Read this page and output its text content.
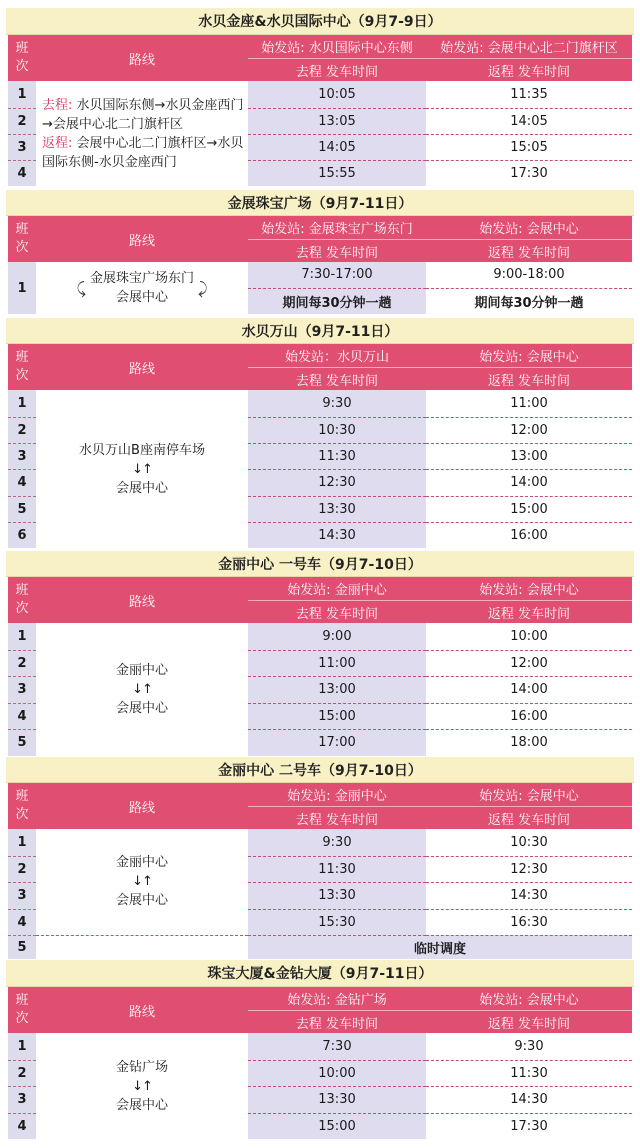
水贝金座&水贝国际中心（9月7-9日）
班
次	路线	始发站: 水贝国际中心东侧	始发站: 会展中心北二门旗杆区
		去程 发车时间	返程 发车时间
1	去程: 水贝国际东侧→水贝金座西门→会展中心北二门旗杆区
返程: 会展中心北二门旗杆区→水贝国际东侧-水贝金座西门	10:05	11:35
2		13:05	14:05
3		14:05	15:05
4		15:55	17:30
金展珠宝广场（9月7-11日）
班
次	路线	始发站: 金展珠宝广场东门	始发站: 会展中心
		去程 发车时间	返程 发车时间
1	⤹ 金展珠宝广场东门
会展中心 ⤸	7:30-17:00	9:00-18:00
		期间每30分钟一趟	期间每30分钟一趟
水贝万山（9月7-11日）
班
次	路线	始发站：水贝万山	始发站: 会展中心
		去程 发车时间	返程 发车时间
1	水贝万山B座南停车场
↓↑
会展中心	9:30	11:00
2		10:30	12:00
3		11:30	13:00
4		12:30	14:00
5		13:30	15:00
6		14:30	16:00
金丽中心 一号车（9月7-10日）
班
次	路线	始发站: 金丽中心	始发站: 会展中心
		去程 发车时间	返程 发车时间
1	金丽中心
↓↑
会展中心	9:00	10:00
2		11:00	12:00
3		13:00	14:00
4		15:00	16:00
5		17:00	18:00
金丽中心 二号车（9月7-10日）
班
次	路线	始发站: 金丽中心	始发站: 会展中心
		去程 发车时间	返程 发车时间
1	金丽中心
↓↑
会展中心	9:30	10:30
2		11:30	12:30
3		13:30	14:30
4		15:30	16:30
5		临时调度	
珠宝大厦&金钻大厦（9月7-11日）
班
次	路线	始发站: 金钻广场	始发站: 会展中心
		去程 发车时间	返程 发车时间
1	金钻广场
↓↑
会展中心	7:30	9:30
2		10:00	11:30
3		13:30	14:30
4		15:00	17:30
